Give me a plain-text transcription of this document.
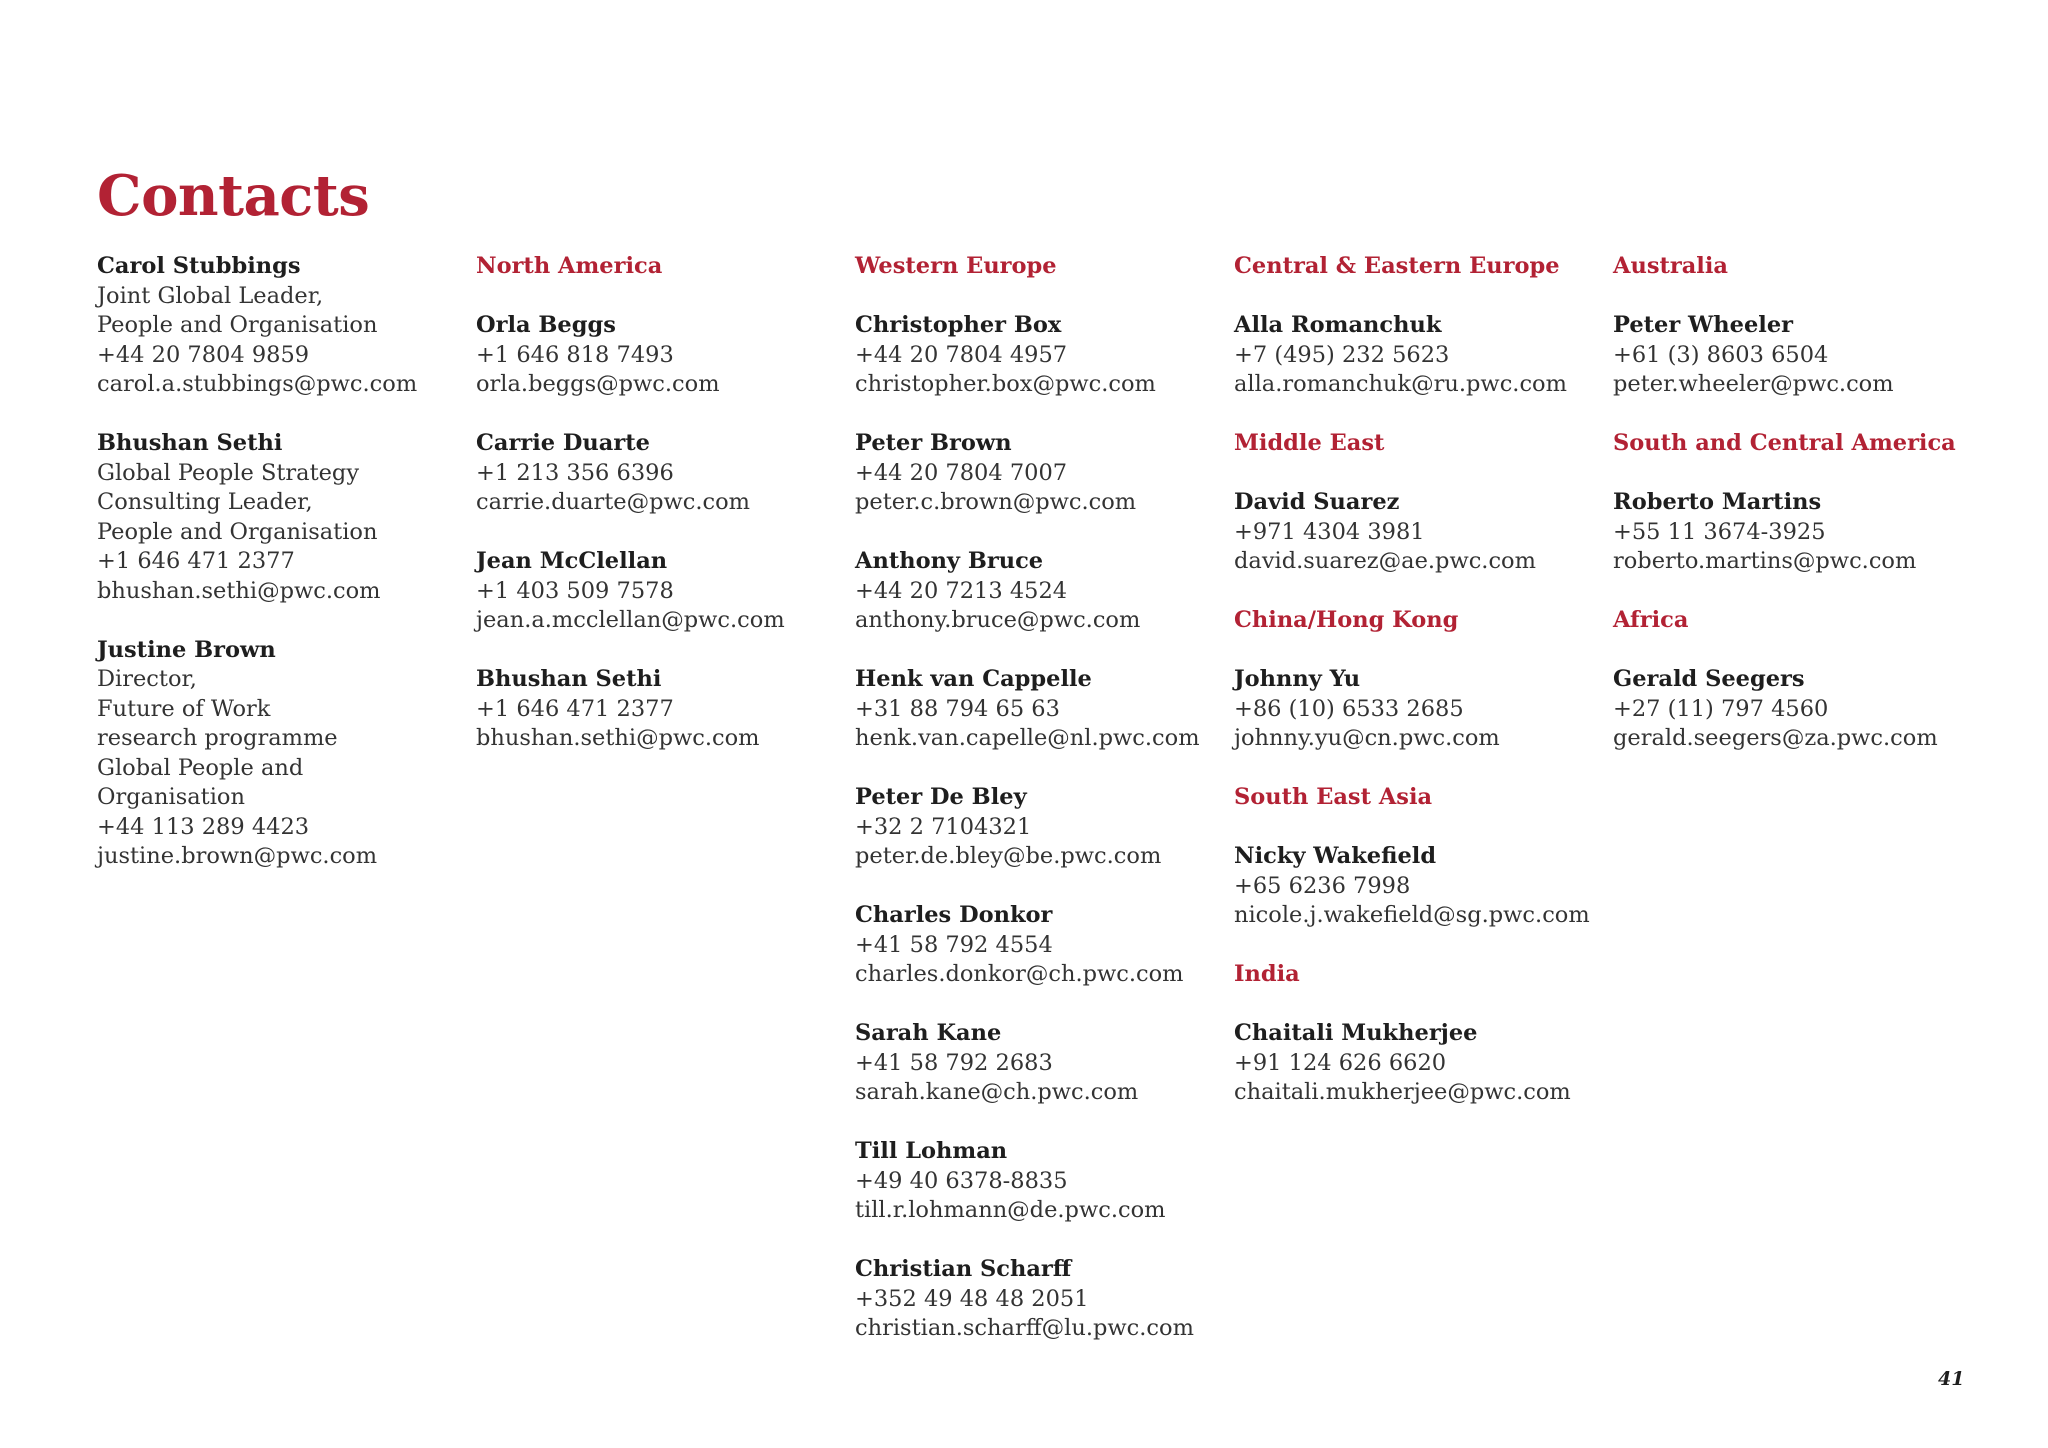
Contacts
Carol Stubbings
Joint Global Leader,
People and Organisation
+44 20 7804 9859
carol.a.stubbings@pwc.com
Bhushan Sethi
Global People Strategy
Consulting Leader,
People and Organisation
+1 646 471 2377
bhushan.sethi@pwc.com
Justine Brown
Director,
Future of Work
research programme
Global People and Organisation
+44 113 289 4423
justine.brown@pwc.com
North America
Orla Beggs
+1 646 818 7493
orla.beggs@pwc.com
Carrie Duarte
+1 213 356 6396
carrie.duarte@pwc.com
Jean McClellan
+1 403 509 7578
jean.a.mcclellan@pwc.com
Bhushan Sethi
+1 646 471 2377
bhushan.sethi@pwc.com
Western Europe
Christopher Box
+44 20 7804 4957
christopher.box@pwc.com
Peter Brown
+44 20 7804 7007
peter.c.brown@pwc.com
Anthony Bruce
+44 20 7213 4524
anthony.bruce@pwc.com
Henk van Cappelle
+31 88 794 65 63
henk.van.capelle@nl.pwc.com
Peter De Bley
+32 2 7104321
peter.de.bley@be.pwc.com
Charles Donkor
+41 58 792 4554
charles.donkor@ch.pwc.com
Sarah Kane
+41 58 792 2683
sarah.kane@ch.pwc.com
Till Lohman
+49 40 6378-8835
till.r.lohmann@de.pwc.com
Christian Scharff
+352 49 48 48 2051
christian.scharff@lu.pwc.com
Central & Eastern Europe
Alla Romanchuk
+7 (495) 232 5623
alla.romanchuk@ru.pwc.com
Middle East
David Suarez
+971 4304 3981
david.suarez@ae.pwc.com
China/Hong Kong
Johnny Yu
+86 (10) 6533 2685
johnny.yu@cn.pwc.com
South East Asia
Nicky Wakefield
+65 6236 7998
nicole.j.wakefield@sg.pwc.com
India
Chaitali Mukherjee
+91 124 626 6620
chaitali.mukherjee@pwc.com
Australia
Peter Wheeler
+61 (3) 8603 6504
peter.wheeler@pwc.com
South and Central America
Roberto Martins
+55 11 3674-3925
roberto.martins@pwc.com
Africa
Gerald Seegers
+27 (11) 797 4560
gerald.seegers@za.pwc.com
41
